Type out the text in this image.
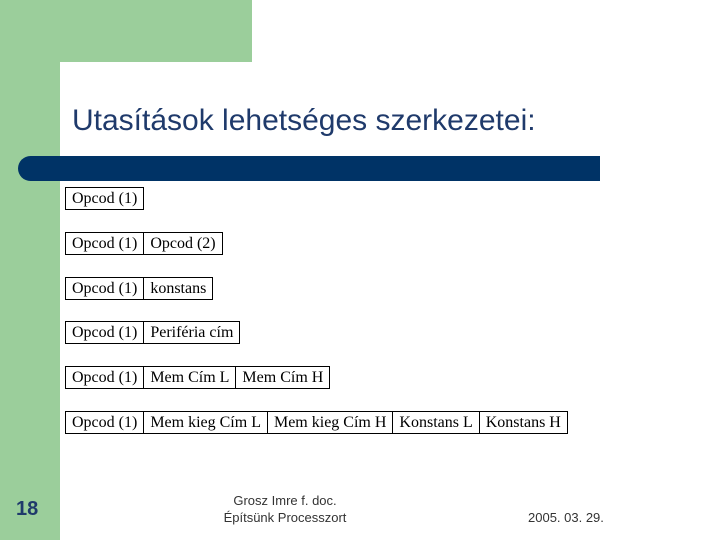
Utasítások lehetséges szerkezetei:
Opcod (1)
Opcod (1) Opcod (2)
Opcod (1) konstans
Opcod (1) Periféria cím
Opcod (1) Mem Cím L Mem Cím H
Opcod (1) Mem kieg Cím L Mem kieg Cím H Konstans L Konstans H
18	Grosz Imre f. doc.
Építsünk Processzort	2005. 03. 29.
